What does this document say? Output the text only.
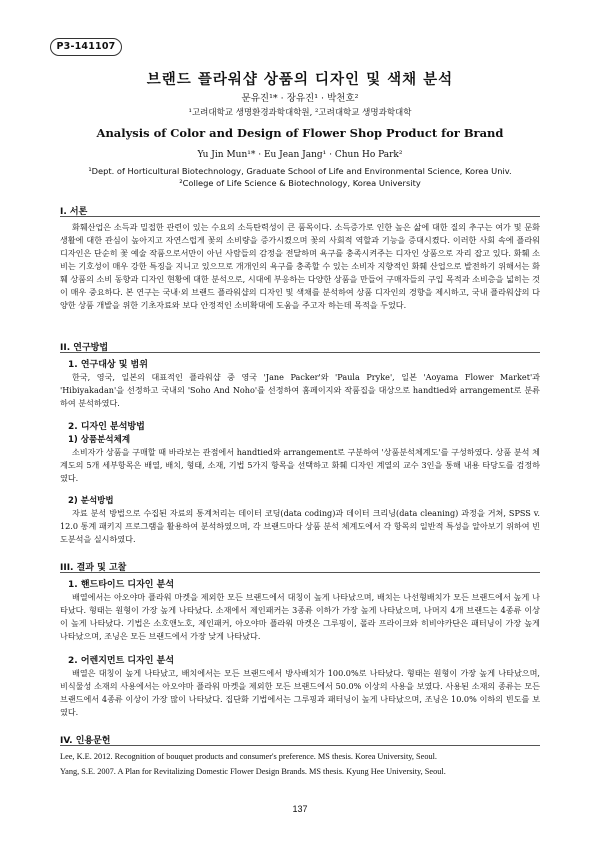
P3-141107
브랜드 플라워샵 상품의 디자인 및 색채 분석
문유진¹* · 장유진¹ · 박천호²
¹고려대학교 생명환경과학대학원, ²고려대학교 생명과학대학
Analysis of Color and Design of Flower Shop Product for Brand
Yu Jin Mun¹* · Eu Jean Jang¹ · Chun Ho Park²
¹Dept. of Horticultural Biotechnology, Graduate School of Life and Environmental Science, Korea Univ.
²College of Life Science & Biotechnology, Korea University
I. 서론

화훼산업은 소득과 밀접한 관련이 있는 수요의 소득탄력성이 큰 품목이다. 소득증가로 인한 높은 삶에 대한 질의 추구는 여가 및 문화생활에 대한 관심이 높아지고 자연스럽게 꽃의 소비량을 증가시켰으며 꽃의 사회적 역할과 기능을 증대시켰다. 이러한 사회 속에 플라워디자인은 단순히 꽃 예술 작품으로서만이 아닌 사람들의 감정을 전달하며 욕구를 충족시켜주는 디자인 상품으로 자리 잡고 있다. 화훼 소비는 기호성이 매우 강한 특징을 지니고 있으므로 개개인의 욕구를 충족할 수 있는 소비자 지향적인 화훼 산업으로 발전하기 위해서는 화훼 상품의 소비 동향과 디자인 현황에 대한 분석으로, 시대에 부응하는 다양한 상품을 만들어 구매자들의 구입 목적과 소비층을 넓히는 것이 매우 중요하다. 본 연구는 국내·외 브랜드 플라워샵의 디자인 및 색채를 분석하여 상품 디자인의 경향을 제시하고, 국내 플라워샵의 다양한 상품 개발을 위한 기초자료와 보다 안정적인 소비확대에 도움을 주고자 하는데 목적을 두었다.

II. 연구방법
1. 연구대상 및 범위

한국, 영국, 일본의 대표적인 플라워샵 중 영국 'Jane Packer'와 'Paula Pryke', 일본 'Aoyama Flower Market'과 'Hibiyakadan'을 선정하고 국내의 'Soho And Noho'를 선정하여 홈페이지와 작품집을 대상으로 handtied와 arrangement로 분류하여 분석하였다.

2. 디자인 분석방법
1) 상품분석체계

소비자가 상품을 구매할 때 바라보는 관점에서 handtied와 arrangement로 구분하여 '상품분석체계도'를 구성하였다. 상품 분석 체계도의 5개 세부항목은 배열, 배치, 형태, 소재, 기법 5가지 항목을 선택하고 화훼 디자인 계열의 교수 3인을 통해 내용 타당도를 검정하였다.

2) 분석방법

자료 분석 방법으로 수집된 자료의 통계처리는 데이터 코딩(data coding)과 데이터 크리닝(data cleaning) 과정을 거쳐, SPSS v. 12.0 통계 패키지 프로그램을 활용하여 분석하였으며, 각 브랜드마다 상품 분석 체계도에서 각 항목의 일반적 특성을 알아보기 위하여 빈도분석을 실시하였다.

III. 결과 및 고찰
1. 핸드타이드 디자인 분석

배열에서는 아오야마 플라워 마켓을 제외한 모든 브랜드에서 대칭이 높게 나타났으며, 배치는 나선형배치가 모든 브랜드에서 높게 나타났다. 형태는 원형이 가장 높게 나타났다. 소재에서 제인패커는 3종류 이하가 가장 높게 나타났으며, 나머지 4개 브랜드는 4종류 이상이 높게 나타났다. 기법은 소호앤노호, 제인패커, 아오야마 플라워 마켓은 그루핑이, 폴라 프라이크와 히비야카단은 패터닝이 가장 높게 나타났으며, 조닝은 모든 브랜드에서 가장 낮게 나타났다.

2. 어렌지먼트 디자인 분석

배열은 대칭이 높게 나타났고, 배치에서는 모든 브랜드에서 방사배치가 100.0%로 나타났다. 형태는 원형이 가장 높게 나타났으며, 비식물성 소재의 사용에서는 아오야마 플라워 마켓을 제외한 모든 브랜드에서 50.0% 이상의 사용을 보였다. 사용된 소재의 종류는 모든 브랜드에서 4종류 이상이 가장 많이 나타났다. 집단화 기법에서는 그루핑과 패터닝이 높게 나타났으며, 조닝은 10.0% 이하의 빈도를 보였다.

IV. 인용문헌

Lee, K.E. 2012. Recognition of bouquet products and consumer's preference. MS thesis. Korea University, Seoul.

Yang, S.E. 2007. A Plan for Revitalizing Domestic Flower Design Brands. MS thesis. Kyung Hee University, Seoul.

137
